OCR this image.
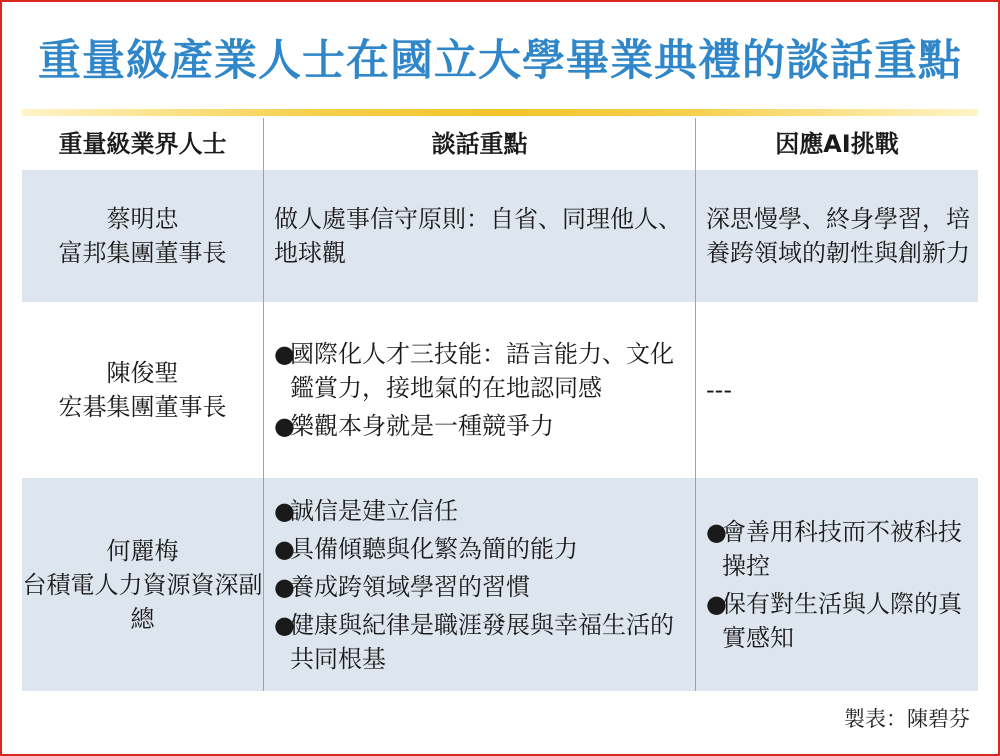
重量級產業人士在國立大學畢業典禮的談話重點
重量級業界人士	談話重點	因應AI挑戰
蔡明忠
富邦集團董事長
做人處事信守原則：自省、同理他人、地球觀
深思慢學、終身學習，培養跨領域的韌性與創新力
陳俊聖
宏碁集團董事長
●
國際化人才三技能：語言能力、文化鑑賞力，接地氣的在地認同感
●
樂觀本身就是一種競爭力
---
何麗梅
台積電人力資源資深副總
●
誠信是建立信任
●
具備傾聽與化繁為簡的能力
●
養成跨領域學習的習慣
●
健康與紀律是職涯發展與幸福生活的共同根基
●
會善用科技而不被科技操控
●
保有對生活與人際的真實感知
製表：陳碧芬
